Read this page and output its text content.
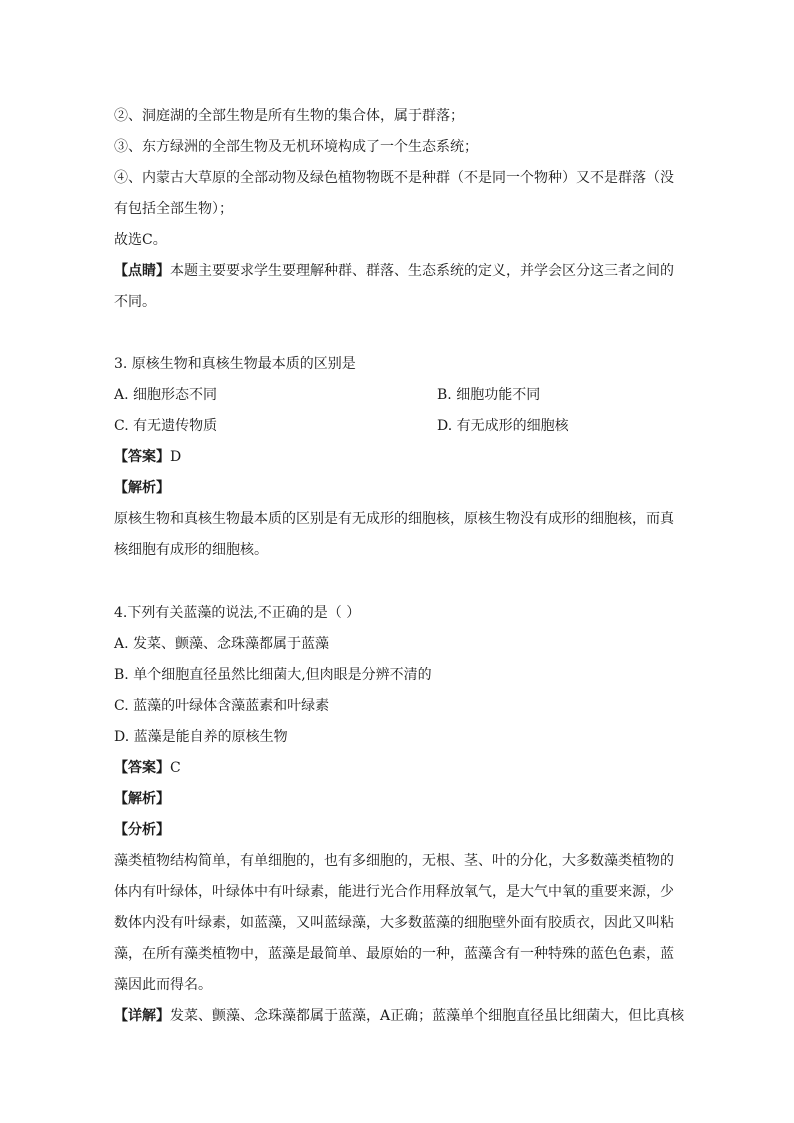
②、洞庭湖的全部生物是所有生物的集合体，属于群落；
③、东方绿洲的全部生物及无机环境构成了一个生态系统；
④、内蒙古大草原的全部动物及绿色植物物既不是种群（不是同一个物种）又不是群落（没
有包括全部生物）；
故选C。
【点睛】本题主要要求学生要理解种群、群落、生态系统的定义，并学会区分这三者之间的
不同。
3. 原核生物和真核生物最本质的区别是
A. 细胞形态不同	B. 细胞功能不同
C. 有无遗传物质	D. 有无成形的细胞核
【答案】D
【解析】
原核生物和真核生物最本质的区别是有无成形的细胞核，原核生物没有成形的细胞核，而真
核细胞有成形的细胞核。
4.下列有关蓝藻的说法,不正确的是（ ）
A. 发菜、颤藻、念珠藻都属于蓝藻
B. 单个细胞直径虽然比细菌大,但肉眼是分辨不清的
C. 蓝藻的叶绿体含藻蓝素和叶绿素
D. 蓝藻是能自养的原核生物
【答案】C
【解析】
【分析】
藻类植物结构简单，有单细胞的，也有多细胞的，无根、茎、叶的分化，大多数藻类植物的
体内有叶绿体，叶绿体中有叶绿素，能进行光合作用释放氧气，是大气中氧的重要来源，少
数体内没有叶绿素，如蓝藻，又叫蓝绿藻，大多数蓝藻的细胞壁外面有胶质衣，因此又叫粘
藻，在所有藻类植物中，蓝藻是最简单、最原始的一种，蓝藻含有一种特殊的蓝色色素，蓝
藻因此而得名。
【详解】发菜、颤藻、念珠藻都属于蓝藻，A正确；蓝藻单个细胞直径虽比细菌大，但比真核
